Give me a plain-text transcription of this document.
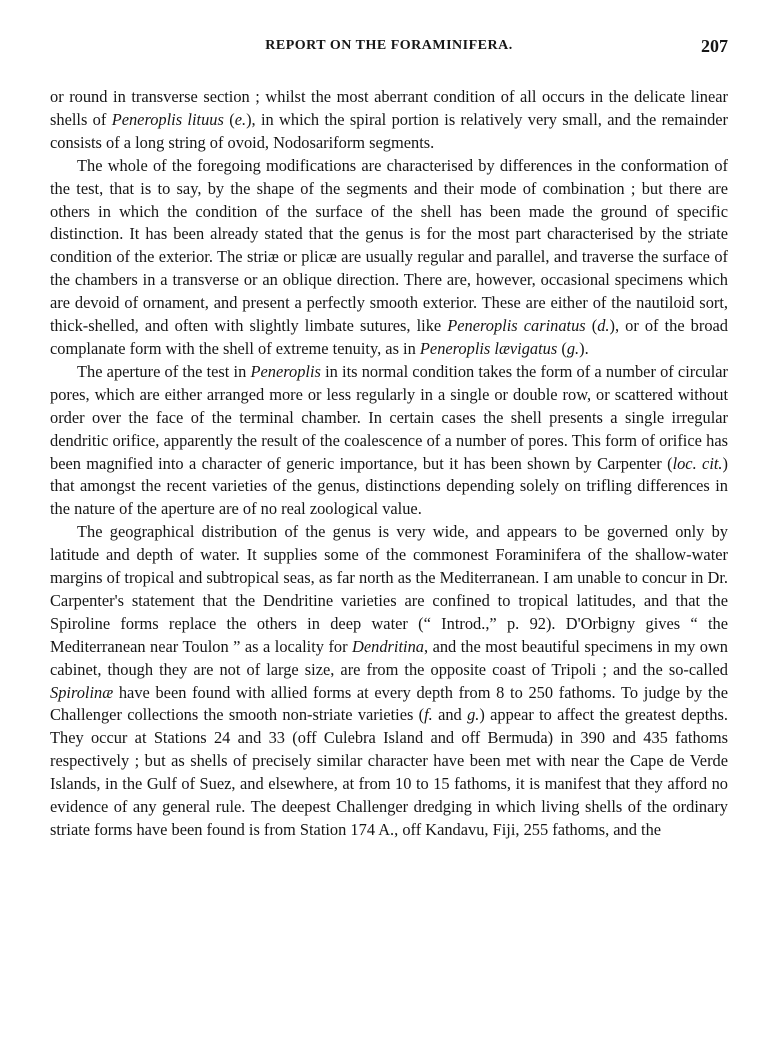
REPORT ON THE FORAMINIFERA.	207

or round in transverse section ; whilst the most aberrant condition of all occurs in the delicate linear shells of Peneroplis lituus (e.), in which the spiral portion is relatively very small, and the remainder consists of a long string of ovoid, Nodosariform segments.

The whole of the foregoing modifications are characterised by differences in the conformation of the test, that is to say, by the shape of the segments and their mode of combination ; but there are others in which the condition of the surface of the shell has been made the ground of specific distinction. It has been already stated that the genus is for the most part characterised by the striate condition of the exterior. The striæ or plicæ are usually regular and parallel, and traverse the surface of the chambers in a transverse or an oblique direction. There are, however, occasional specimens which are devoid of ornament, and present a perfectly smooth exterior. These are either of the nautiloid sort, thick-shelled, and often with slightly limbate sutures, like Peneroplis carinatus (d.), or of the broad complanate form with the shell of extreme tenuity, as in Peneroplis lævigatus (g.).

The aperture of the test in Peneroplis in its normal condition takes the form of a number of circular pores, which are either arranged more or less regularly in a single or double row, or scattered without order over the face of the terminal chamber. In certain cases the shell presents a single irregular dendritic orifice, apparently the result of the coalescence of a number of pores. This form of orifice has been magnified into a character of generic importance, but it has been shown by Carpenter (loc. cit.) that amongst the recent varieties of the genus, distinctions depending solely on trifling differences in the nature of the aperture are of no real zoological value.

The geographical distribution of the genus is very wide, and appears to be governed only by latitude and depth of water. It supplies some of the commonest Foraminifera of the shallow-water margins of tropical and subtropical seas, as far north as the Mediterranean. I am unable to concur in Dr. Carpenter's statement that the Dendritine varieties are confined to tropical latitudes, and that the Spiroline forms replace the others in deep water (“ Introd.,” p. 92). D'Orbigny gives “ the Mediterranean near Toulon ” as a locality for Dendritina, and the most beautiful specimens in my own cabinet, though they are not of large size, are from the opposite coast of Tripoli ; and the so-called Spirolinæ have been found with allied forms at every depth from 8 to 250 fathoms. To judge by the Challenger collections the smooth non-striate varieties (f. and g.) appear to affect the greatest depths. They occur at Stations 24 and 33 (off Culebra Island and off Bermuda) in 390 and 435 fathoms respectively ; but as shells of precisely similar character have been met with near the Cape de Verde Islands, in the Gulf of Suez, and elsewhere, at from 10 to 15 fathoms, it is manifest that they afford no evidence of any general rule. The deepest Challenger dredging in which living shells of the ordinary striate forms have been found is from Station 174 A., off Kandavu, Fiji, 255 fathoms, and the
